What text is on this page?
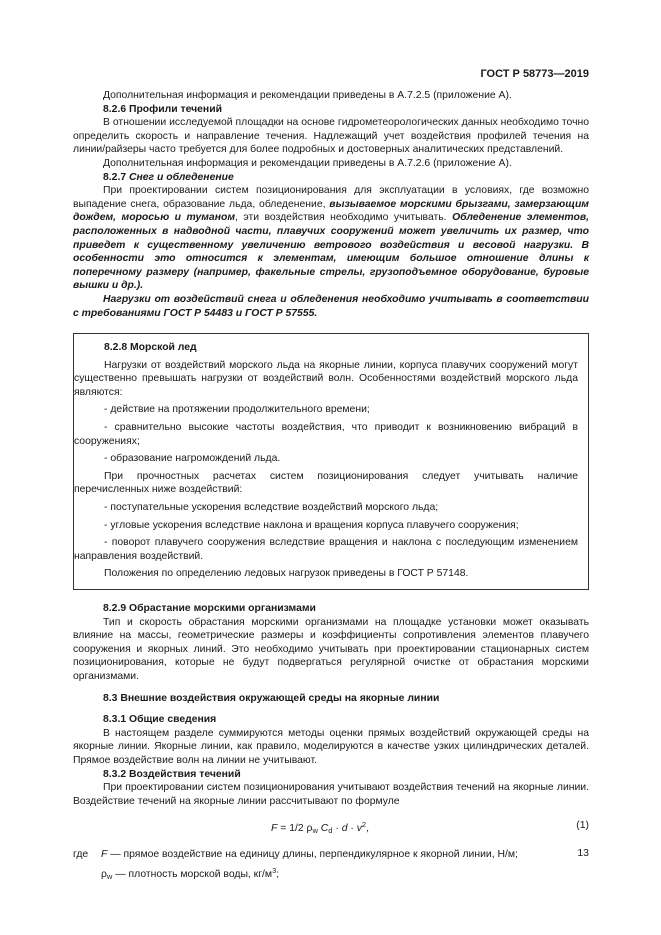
ГОСТ Р 58773—2019

Дополнительная информация и рекомендации приведены в А.7.2.5 (приложение А).

8.2.6 Профили течений

В отношении исследуемой площадки на основе гидрометеорологических данных необходимо точно определить скорость и направление течения. Надлежащий учет воздействия профилей течения на линии/райзеры часто требуется для более подробных и достоверных аналитических представлений.

Дополнительная информация и рекомендации приведены в А.7.2.6 (приложение А).

8.2.7 Снег и обледенение

При проектировании систем позиционирования для эксплуатации в условиях, где возможно выпадение снега, образование льда, обледенение, вызываемое морскими брызгами, замерзающим дождем, моросью и туманом, эти воздействия необходимо учитывать. Обледенение элементов, расположенных в надводной части, плавучих сооружений может увеличить их размер, что приведет к существенному увеличению ветрового воздействия и весовой нагрузки. В особенности это относится к элементам, имеющим большое отношение длины к поперечному размеру (например, факельные стрелы, грузоподъемное оборудование, буровые вышки и др.).

Нагрузки от воздействий снега и обледенения необходимо учитывать в соответствии с требованиями ГОСТ Р 54483 и ГОСТ Р 57555.

8.2.8 Морской лед

Нагрузки от воздействий морского льда на якорные линии, корпуса плавучих сооружений могут существенно превышать нагрузки от воздействий волн. Особенностями воздействий морского льда являются:

- действие на протяжении продолжительного времени;

- сравнительно высокие частоты воздействия, что приводит к возникновению вибраций в сооружениях;

- образование нагромождений льда.

При прочностных расчетах систем позиционирования следует учитывать наличие перечисленных ниже воздействий:

- поступательные ускорения вследствие воздействий морского льда;

- угловые ускорения вследствие наклона и вращения корпуса плавучего сооружения;

- поворот плавучего сооружения вследствие вращения и наклона с последующим изменением направления воздействий.

Положения по определению ледовых нагрузок приведены в ГОСТ Р 57148.

8.2.9 Обрастание морскими организмами

Тип и скорость обрастания морскими организмами на площадке установки может оказывать влияние на массы, геометрические размеры и коэффициенты сопротивления элементов плавучего сооружения и якорных линий. Это необходимо учитывать при проектировании стационарных систем позиционирования, которые не будут подвергаться регулярной очистке от обрастания морскими организмами.

8.3 Внешние воздействия окружающей среды на якорные линии

8.3.1 Общие сведения

В настоящем разделе суммируются методы оценки прямых воздействий окружающей среды на якорные линии. Якорные линии, как правило, моделируются в качестве узких цилиндрических деталей. Прямое воздействие волн на линии не учитывают.

8.3.2 Воздействия течений

При проектировании систем позиционирования учитывают воздействия течений на якорные линии. Воздействие течений на якорные линии рассчитывают по формуле

F = 1/2 $\rho_w$ $C_d \cdot d \cdot v^2$,	(1)

где F — прямое воздействие на единицу длины, перпендикулярное к якорной линии, Н/м;

$\rho_w$ — плотность морской воды, $кг/м^3$;

13
